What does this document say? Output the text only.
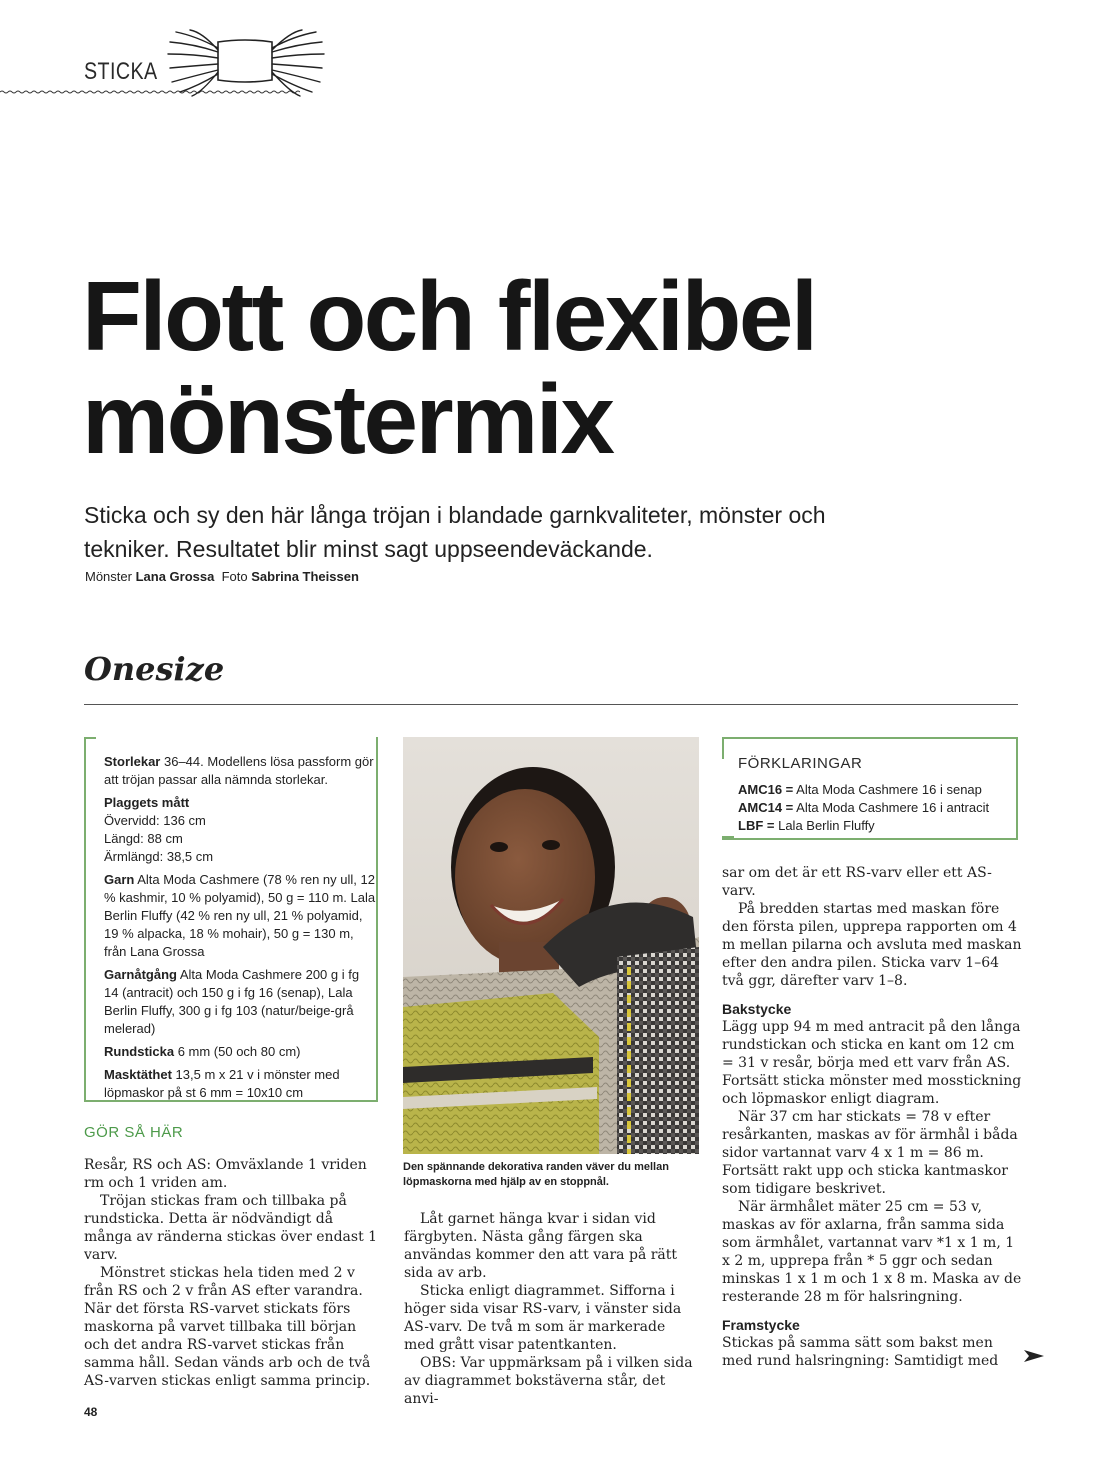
STICKA
Flott och flexibel
mönstermix
Sticka och sy den här långa tröjan i blandade garnkvaliteter, mönster och tekniker. Resultatet blir minst sagt uppseendeväckande.
Mönster Lana Grossa Foto Sabrina Theissen
Onesize

Storlekar 36–44. Modellens lösa passform gör att tröjan passar alla nämnda storlekar.

Plaggets mått

Övervidd: 136 cm

Längd: 88 cm

Ärmlängd: 38,5 cm

Garn Alta Moda Cashmere (78 % ren ny ull, 12 % kashmir, 10 % polyamid), 50 g = 110 m. Lala Berlin Fluffy (42 % ren ny ull, 21 % polyamid, 19 % alpacka, 18 % mohair), 50 g = 130 m, från Lana Grossa

Garnåtgång Alta Moda Cashmere 200 g i fg 14 (antracit) och 150 g i fg 16 (senap), Lala Berlin Fluffy, 300 g i fg 103 (natur/beige-grå melerad)

Rundsticka 6 mm (50 och 80 cm)

Masktäthet 13,5 m x 21 v i mönster med löpmaskor på st 6 mm = 10x10 cm

GÖR SÅ HÄR

Resår, RS och AS: Omväxlande 1 vriden rm och 1 vriden am.

Tröjan stickas fram och tillbaka på rundsticka. Detta är nödvändigt då många av ränderna stickas över endast 1 varv.

Mönstret stickas hela tiden med 2 v från RS och 2 v från AS efter varandra. När det första RS-varvet stickats förs maskorna på varvet tillbaka till början och det andra RS-varvet stickas från samma håll. Sedan vänds arb och de två AS-varven stickas enligt samma princip.

Den spännande dekorativa randen väver du mellan löpmaskorna med hjälp av en stoppnål.

Låt garnet hänga kvar i sidan vid färgbyten. Nästa gång färgen ska användas kommer den att vara på rätt sida av arb.

Sticka enligt diagrammet. Sifforna i höger sida visar RS-varv, i vänster sida AS-varv. De två m som är markerade med grått visar patentkanten.

OBS: Var uppmärksam på i vilken sida av diagrammet bokstäverna står, det anvi-

FÖRKLARINGAR

AMC16 = Alta Moda Cashmere 16 i senap

AMC14 = Alta Moda Cashmere 16 i antracit

LBF = Lala Berlin Fluffy

sar om det är ett RS-varv eller ett AS-varv.

På bredden startas med maskan före den första pilen, upprepa rapporten om 4 m mellan pilarna och avsluta med maskan efter den andra pilen. Sticka varv 1–64 två ggr, därefter varv 1–8.

Bakstycke

Lägg upp 94 m med antracit på den långa rundstickan och sticka en kant om 12 cm = 31 v resår, börja med ett varv från AS. Fortsätt sticka mönster med mosstickning och löpmaskor enligt diagram.

När 37 cm har stickats = 78 v efter resårkanten, maskas av för ärmhål i båda sidor vartannat varv 4 x 1 m = 86 m. Fortsätt rakt upp och sticka kantmaskor som tidigare beskrivet.

När ärmhålet mäter 25 cm = 53 v, maskas av för axlarna, från samma sida som ärmhålet, vartannat varv *1 x 1 m, 1 x 2 m, upprepa från * 5 ggr och sedan minskas 1 x 1 m och 1 x 8 m. Maska av de resterande 28 m för halsringning.

Framstycke

Stickas på samma sätt som bakst men med rund halsringning: Samtidigt med

48
